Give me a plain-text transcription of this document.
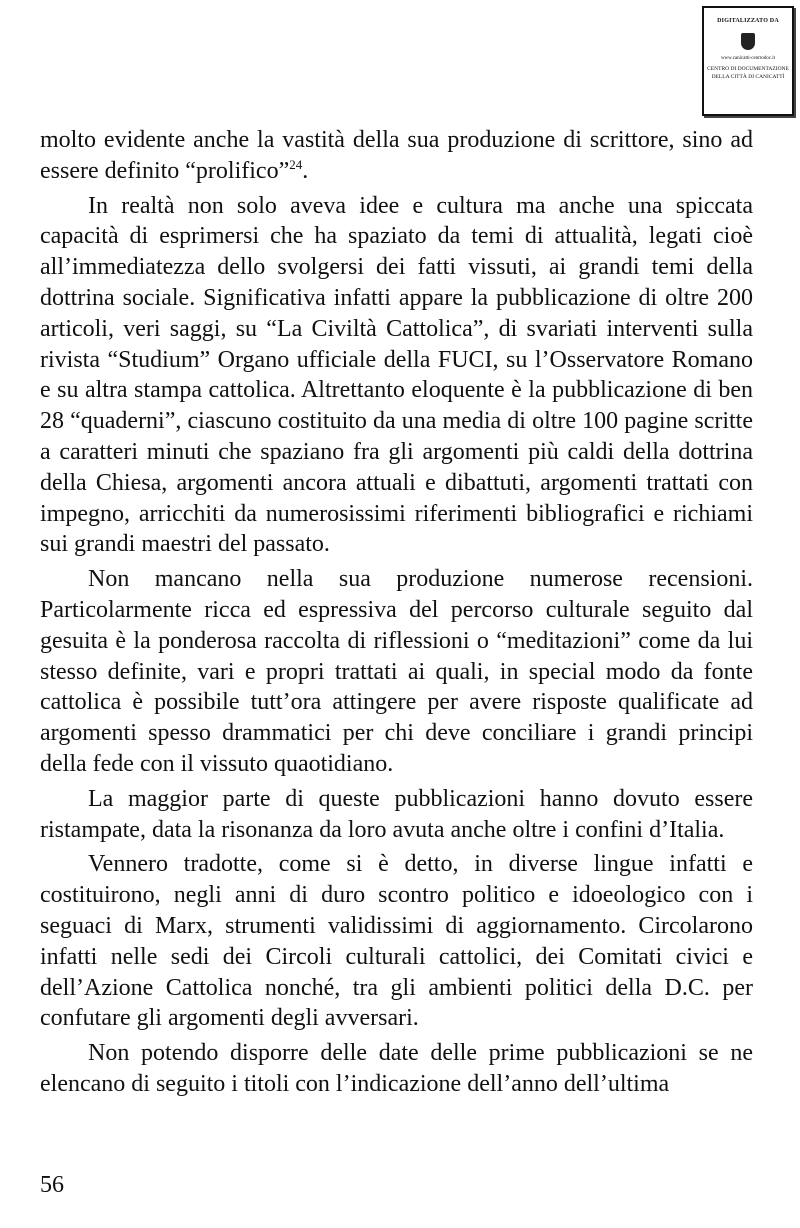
DIGITALIZZATO DA
www.canicatti-centrodoc.it
CENTRO DI DOCUMENTAZIONE
DELLA CITTÀ DI CANICATTÌ

molto evidente anche la vastità della sua produzione di scrittore, sino ad essere definito “prolifico”$^{24}$.

In realtà non solo aveva idee e cultura ma anche una spiccata capacità di esprimersi che ha spaziato da temi di attualità, legati cioè all’immediatezza dello svolgersi dei fatti vissuti, ai grandi temi della dottrina sociale. Significativa infatti appare la pubblicazione di oltre 200 articoli, veri saggi, su “La Civiltà Cattolica”, di svariati interventi sulla rivista “Studium” Organo ufficiale della FUCI, su l’Osservatore Romano e su altra stampa cattolica. Altrettanto eloquente è la pubblicazione di ben 28 “quaderni”, ciascuno costituito da una media di oltre 100 pagine scritte a caratteri minuti che spaziano fra gli argomenti più caldi della dottrina della Chiesa, argomenti ancora attuali e dibattuti, argomenti trattati con impegno, arricchiti da numerosissimi riferimenti bibliografici e richiami sui grandi maestri del passato.

Non mancano nella sua produzione numerose recensioni. Particolarmente ricca ed espressiva del percorso culturale seguito dal gesuita è la ponderosa raccolta di riflessioni o “meditazioni” come da lui stesso definite, vari e propri trattati ai quali, in special modo da fonte cattolica è possibile tutt’ora attingere per avere risposte qualificate ad argomenti spesso drammatici per chi deve conciliare i grandi principi della fede con il vissuto quaotidiano.

La maggior parte di queste pubblicazioni hanno dovuto essere ristampate, data la risonanza da loro avuta anche oltre i confini d’Italia.

Vennero tradotte, come si è detto, in diverse lingue infatti e costituirono, negli anni di duro scontro politico e idoeologico con i seguaci di Marx, strumenti validissimi di aggiornamento. Circolarono infatti nelle sedi dei Circoli culturali cattolici, dei Comitati civici e dell’Azione Cattolica nonché, tra gli ambienti politici della D.C. per confutare gli argomenti degli avversari.

Non potendo disporre delle date delle prime pubblicazioni se ne elencano di seguito i titoli con l’indicazione dell’anno dell’ultima

56
